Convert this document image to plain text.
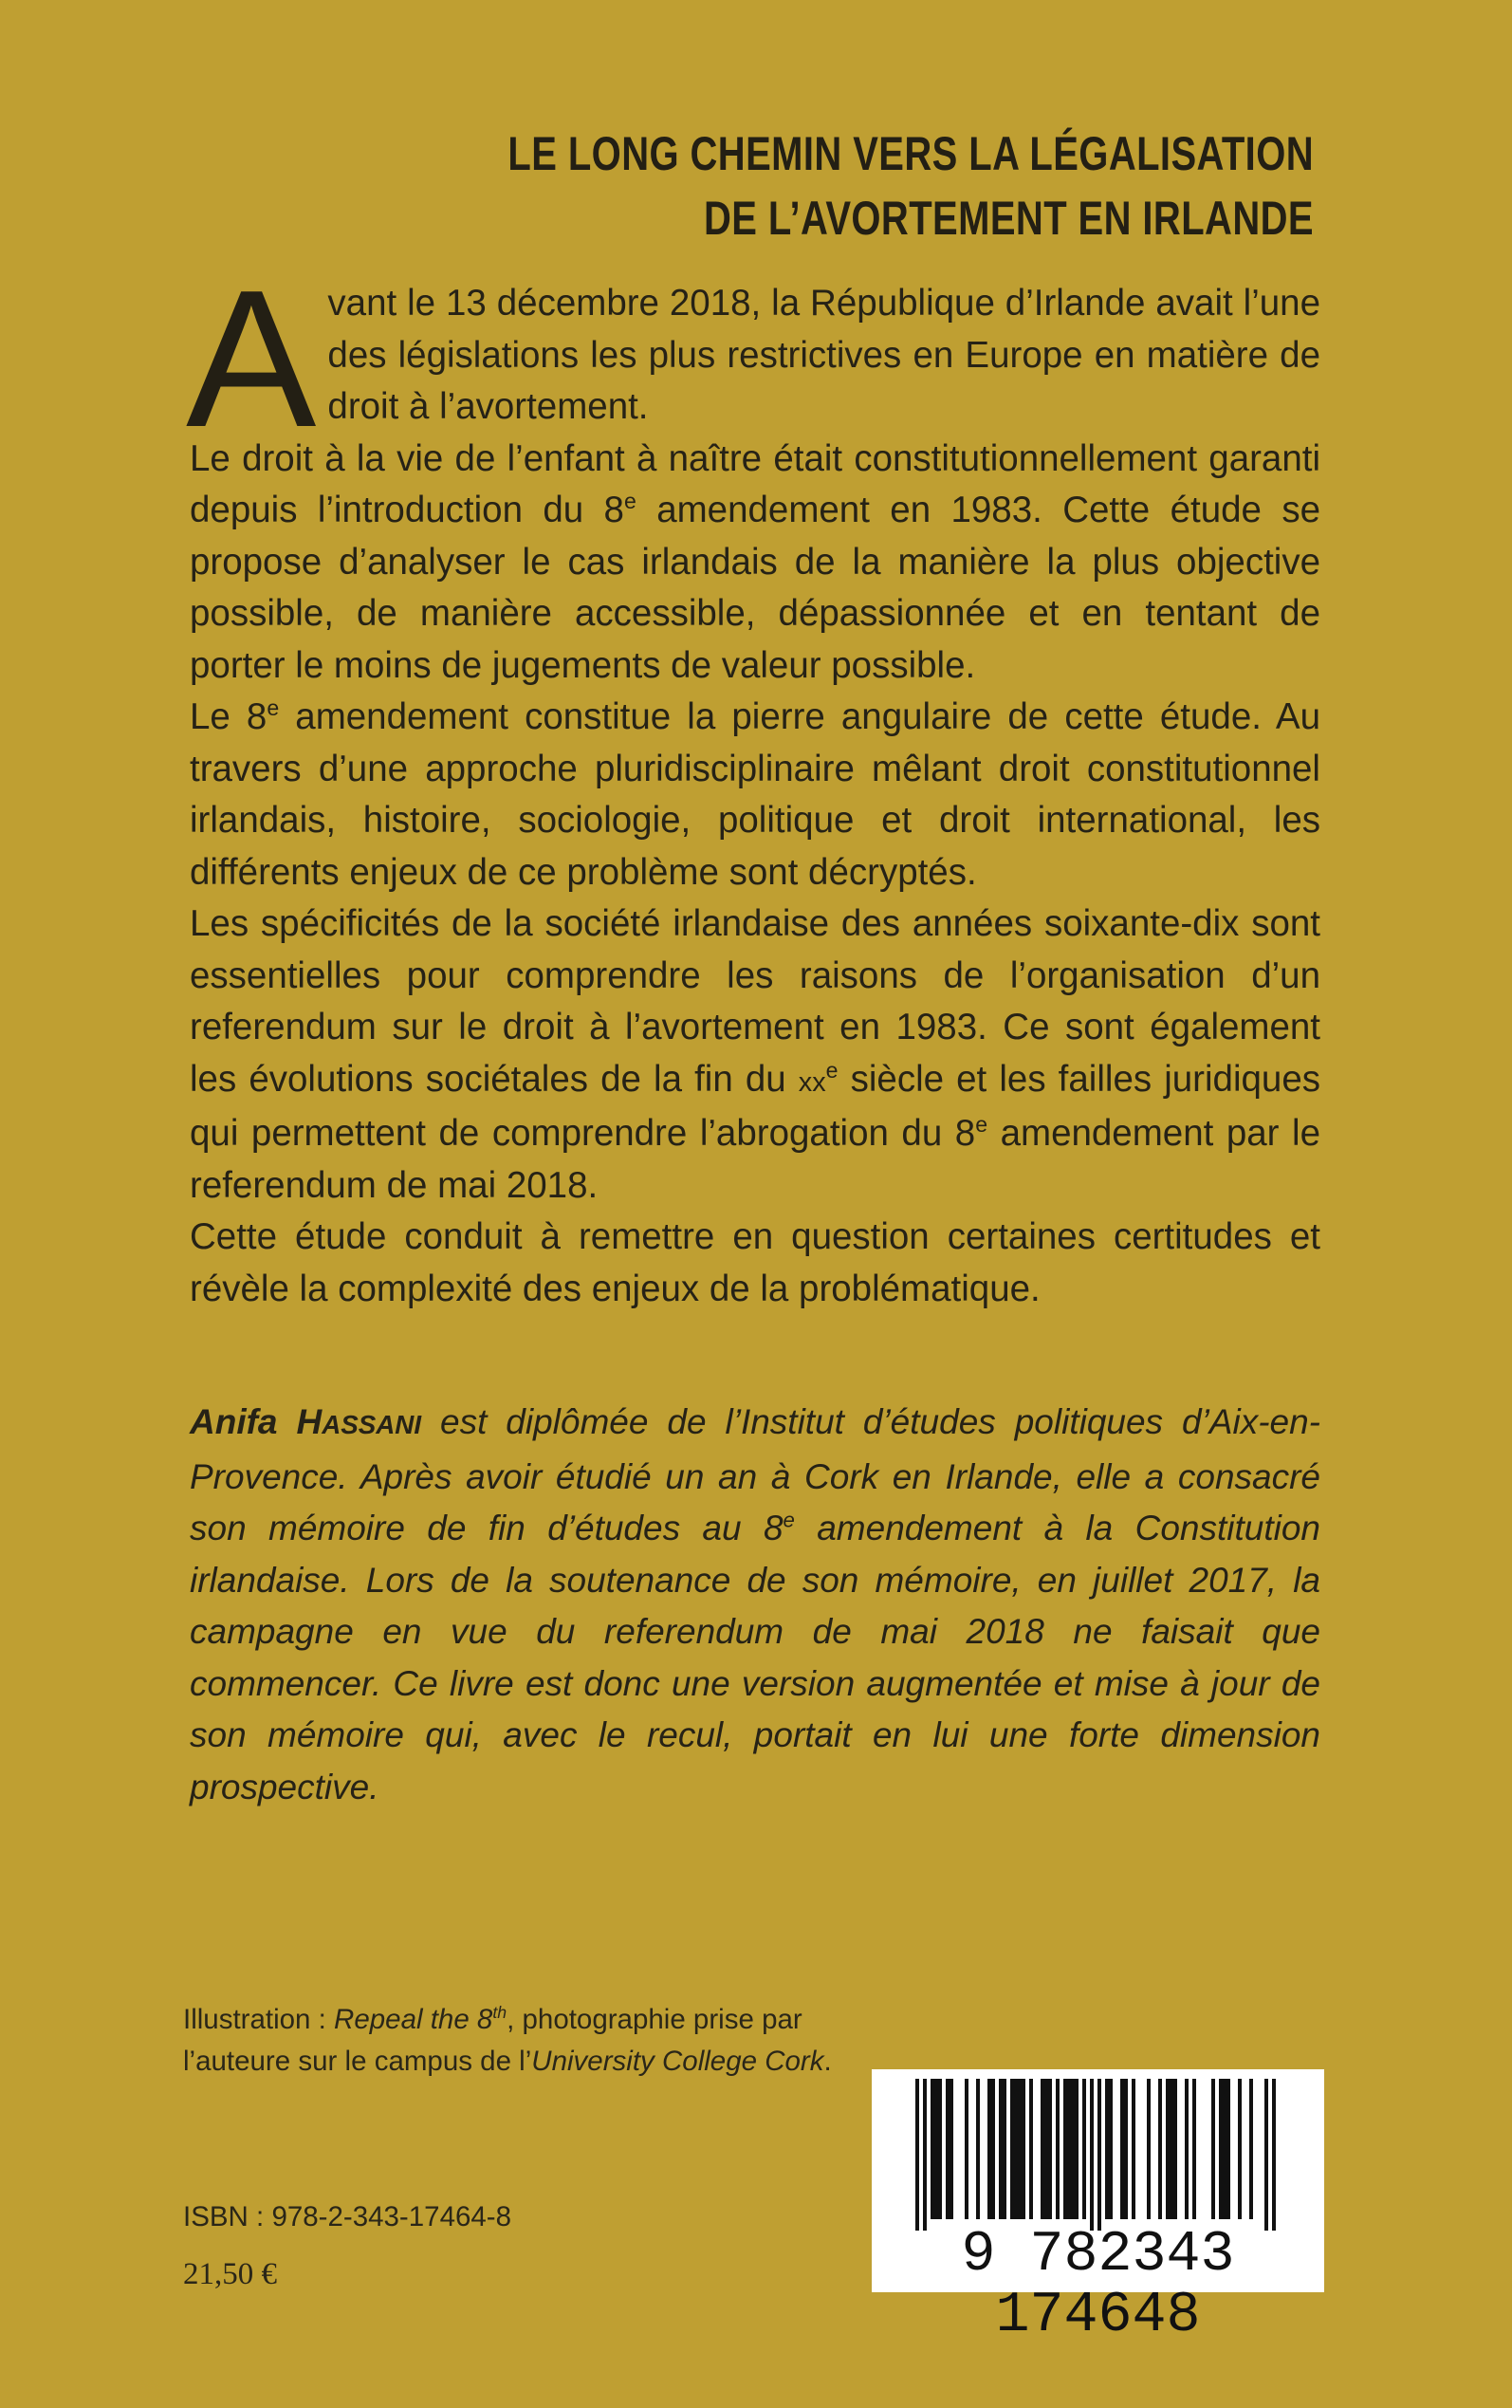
LE LONG CHEMIN VERS LA LÉGALISATION
DE L’AVORTEMENT EN IRLANDE

Avant le 13 décembre 2018, la République d’Irlande avait l’une des législations les plus restrictives en Europe en matière de droit à l’avortement.

Le droit à la vie de l’enfant à naître était constitutionnellement garanti depuis l’introduction du 8e amendement en 1983. Cette étude se propose d’analyser le cas irlandais de la manière la plus objective possible, de manière accessible, dépassionnée et en tentant de porter le moins de jugements de valeur possible.

Le 8e amendement constitue la pierre angulaire de cette étude. Au travers d’une approche pluridisciplinaire mêlant droit constitutionnel irlandais, histoire, sociologie, politique et droit international, les différents enjeux de ce problème sont décryptés.

Les spécificités de la société irlandaise des années soixante-dix sont essentielles pour comprendre les raisons de l’organisation d’un referendum sur le droit à l’avortement en 1983. Ce sont également les évolutions sociétales de la fin du $xx^e$ siècle et les failles juridiques qui permettent de comprendre l’abrogation du 8e amendement par le referendum de mai 2018.

Cette étude conduit à remettre en question certaines certitudes et révèle la complexité des enjeux de la problématique.

Anifa HASSANI est diplômée de l’Institut d’études politiques d’Aix-en-Provence. Après avoir étudié un an à Cork en Irlande, elle a consacré son mémoire de fin d’études au 8e amendement à la Constitution irlandaise. Lors de la soutenance de son mémoire, en juillet 2017, la campagne en vue du referendum de mai 2018 ne faisait que commencer. Ce livre est donc une version augmentée et mise à jour de son mémoire qui, avec le recul, portait en lui une forte dimension prospective.
Illustration : Repeal the 8th, photographie prise par l’auteure sur le campus de l’University College Cork.
ISBN : 978-2-343-17464-8
21,50 €	9 782343 174648
